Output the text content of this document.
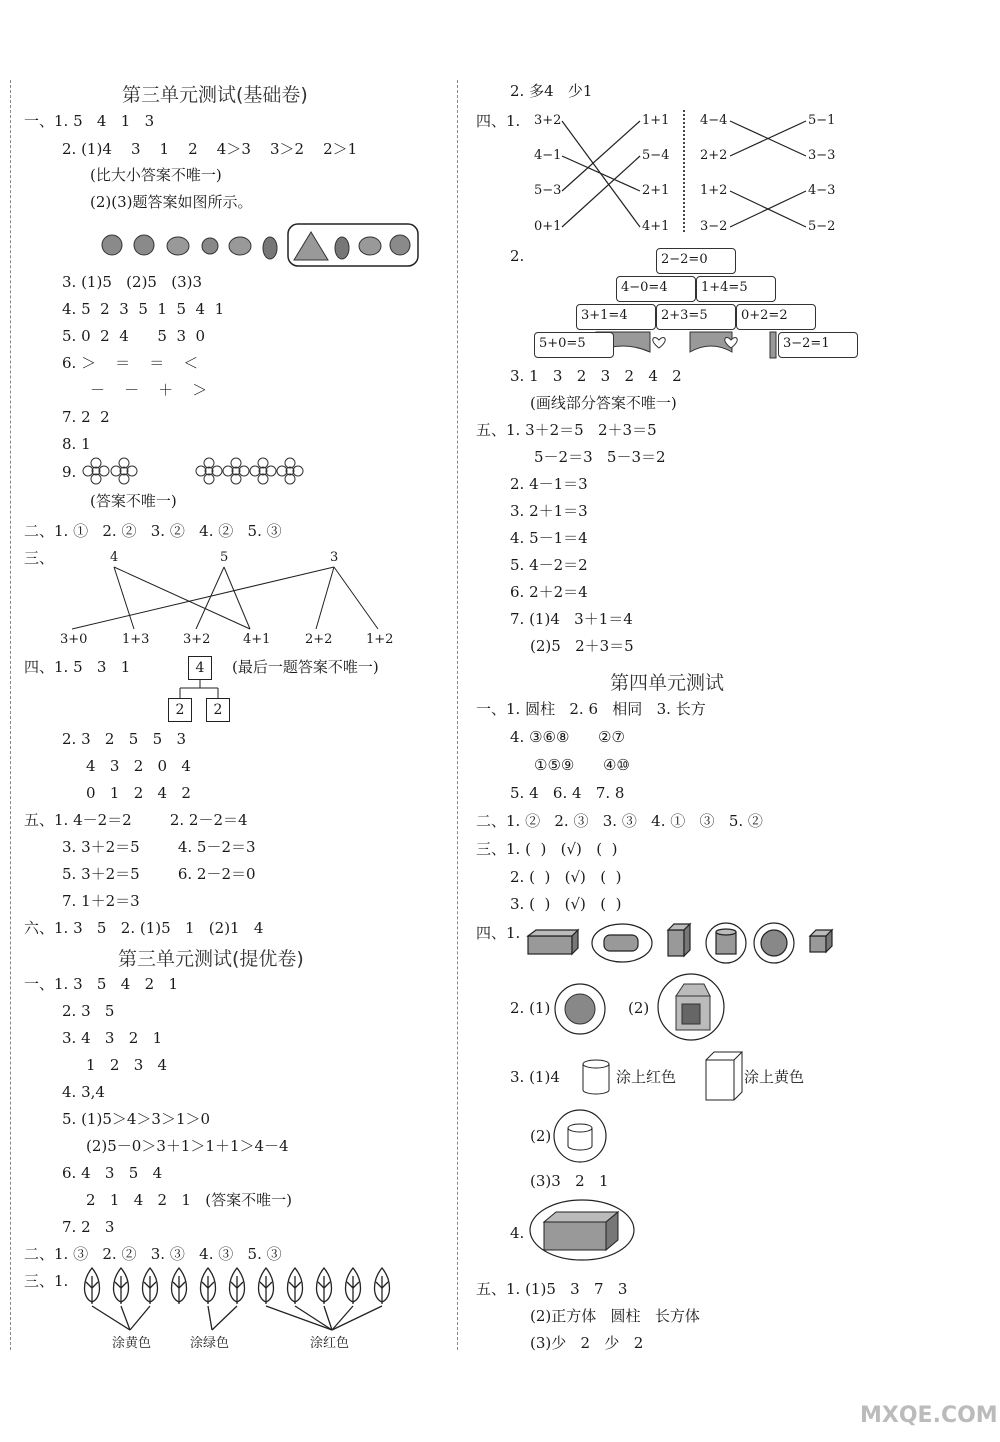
第三单元测试(基础卷)
一、1. 5   4   1   3
2. (1)4    3    1    2    4＞3    3＞2    2＞1
(比大小答案不唯一)
(2)(3)题答案如图所示。
3. (1)5   (2)5   (3)3
4. 5  2  3  5  1  5  4  1
5. 0  2  4      5  3  0
6. ＞    ＝    ＝    ＜
－    －    ＋    ＞
7. 2  2
8. 1
9.
(答案不唯一)
二、1. ①   2. ②   3. ②   4. ②   5. ③
三、	4	5	3
3+0	1+3	3+2	4+1	2+2	1+2
四、1. 5   3   1	4
2	2
(最后一题答案不唯一)
2. 3   2   5   5   3
4   3   2   0   4
0   1   2   4   2
五、1. 4－2＝2        2. 2－2＝4
3. 3＋2＝5        4. 5－2＝3
5. 3＋2＝5        6. 2－2＝0
7. 1＋2＝3
六、1. 3   5   2. (1)5   1   (2)1   4
第三单元测试(提优卷)
一、1. 3   5   4   2   1
2. 3   5
3. 4   3   2   1
1   2   3   4
4. 3,4
5. (1)5＞4＞3＞1＞0
(2)5－0＞3＋1＞1＋1＞4－4
6. 4   3   5   4
2   1   4   2   1   (答案不唯一)
7. 2   3
二、1. ③   2. ②   3. ③   4. ③   5. ③
三、1.
涂黄色	涂绿色	涂红色
2. 多4   少1
四、1. 3+2
4−1
5−3
0+1
1+1
5−4
2+1
4+1
4−4
2+2
1+2
3−2
5−1
3−3
4−3
5−2
2.	2−2=0
4−0=4	1+4=5
3+1=4	2+3=5	0+2=2
5+0=5	3−2=1
3. 1   3   2   3   2   4   2
(画线部分答案不唯一)
五、1. 3＋2＝5   2＋3＝5
5－2＝3   5－3＝2
2. 4－1＝3
3. 2＋1＝3
4. 5－1＝4
5. 4－2＝2
6. 2＋2＝4
7. (1)4   3＋1＝4
(2)5   2＋3＝5
第四单元测试
一、1. 圆柱   2. 6   相同   3. 长方
4. ③⑥⑧      ②⑦
①⑤⑨      ④⑩
5. 4   6. 4   7. 8
二、1. ②   2. ③   3. ③   4. ①   ③   5. ②
三、1. (  )   (√)   (  )
2. (  )   (√)   (  )
3. (  )   (√)   (  )
四、1.
2. (1)	(2)
3. (1)4	涂上红色	涂上黄色
(2)
(3)3   2   1
4.
五、1. (1)5   3   7   3
(2)正方体   圆柱   长方体
(3)少   2   少   2
MXQE.COM
